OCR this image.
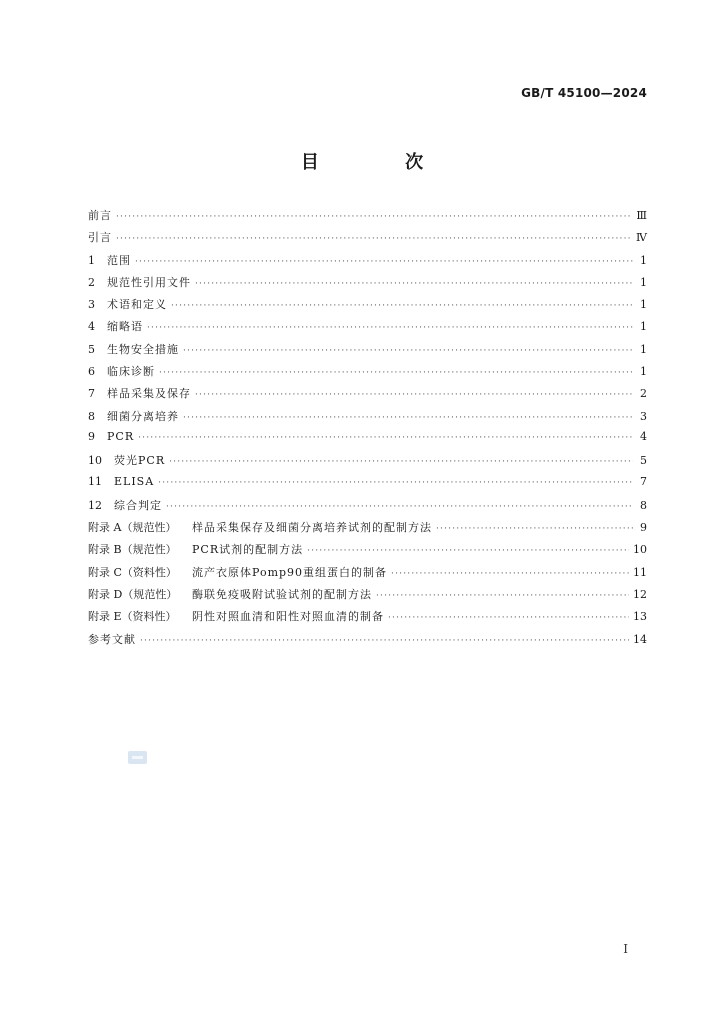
GB/T 45100—2024
目 次
前言 ·····	Ⅲ
引言 ·····	Ⅳ
1 范围 ·····	1
2 规范性引用文件 ·····	1
3 术语和定义 ·····	1
4 缩略语 ·····	1
5 生物安全措施 ·····	1
6 临床诊断 ·····	1
7 样品采集及保存 ·····	2
8 细菌分离培养 ·····	3
9 PCR ·····	4
10 荧光PCR ·····	5
11 ELISA ·····	7
12 综合判定 ·····	8
附录 A（规范性）	样品采集保存及细菌分离培养试剂的配制方法 ·····	9
附录 B（规范性）	PCR试剂的配制方法 ·····	10
附录 C（资料性） 流产衣原体Pomp90重组蛋白的制备 ·····	11
附录 D（规范性） 酶联免疫吸附试验试剂的配制方法 ·····	12
附录 E（资料性）	阴性对照血清和阳性对照血清的制备 ·····	13
参考文献 ·····	14
I
